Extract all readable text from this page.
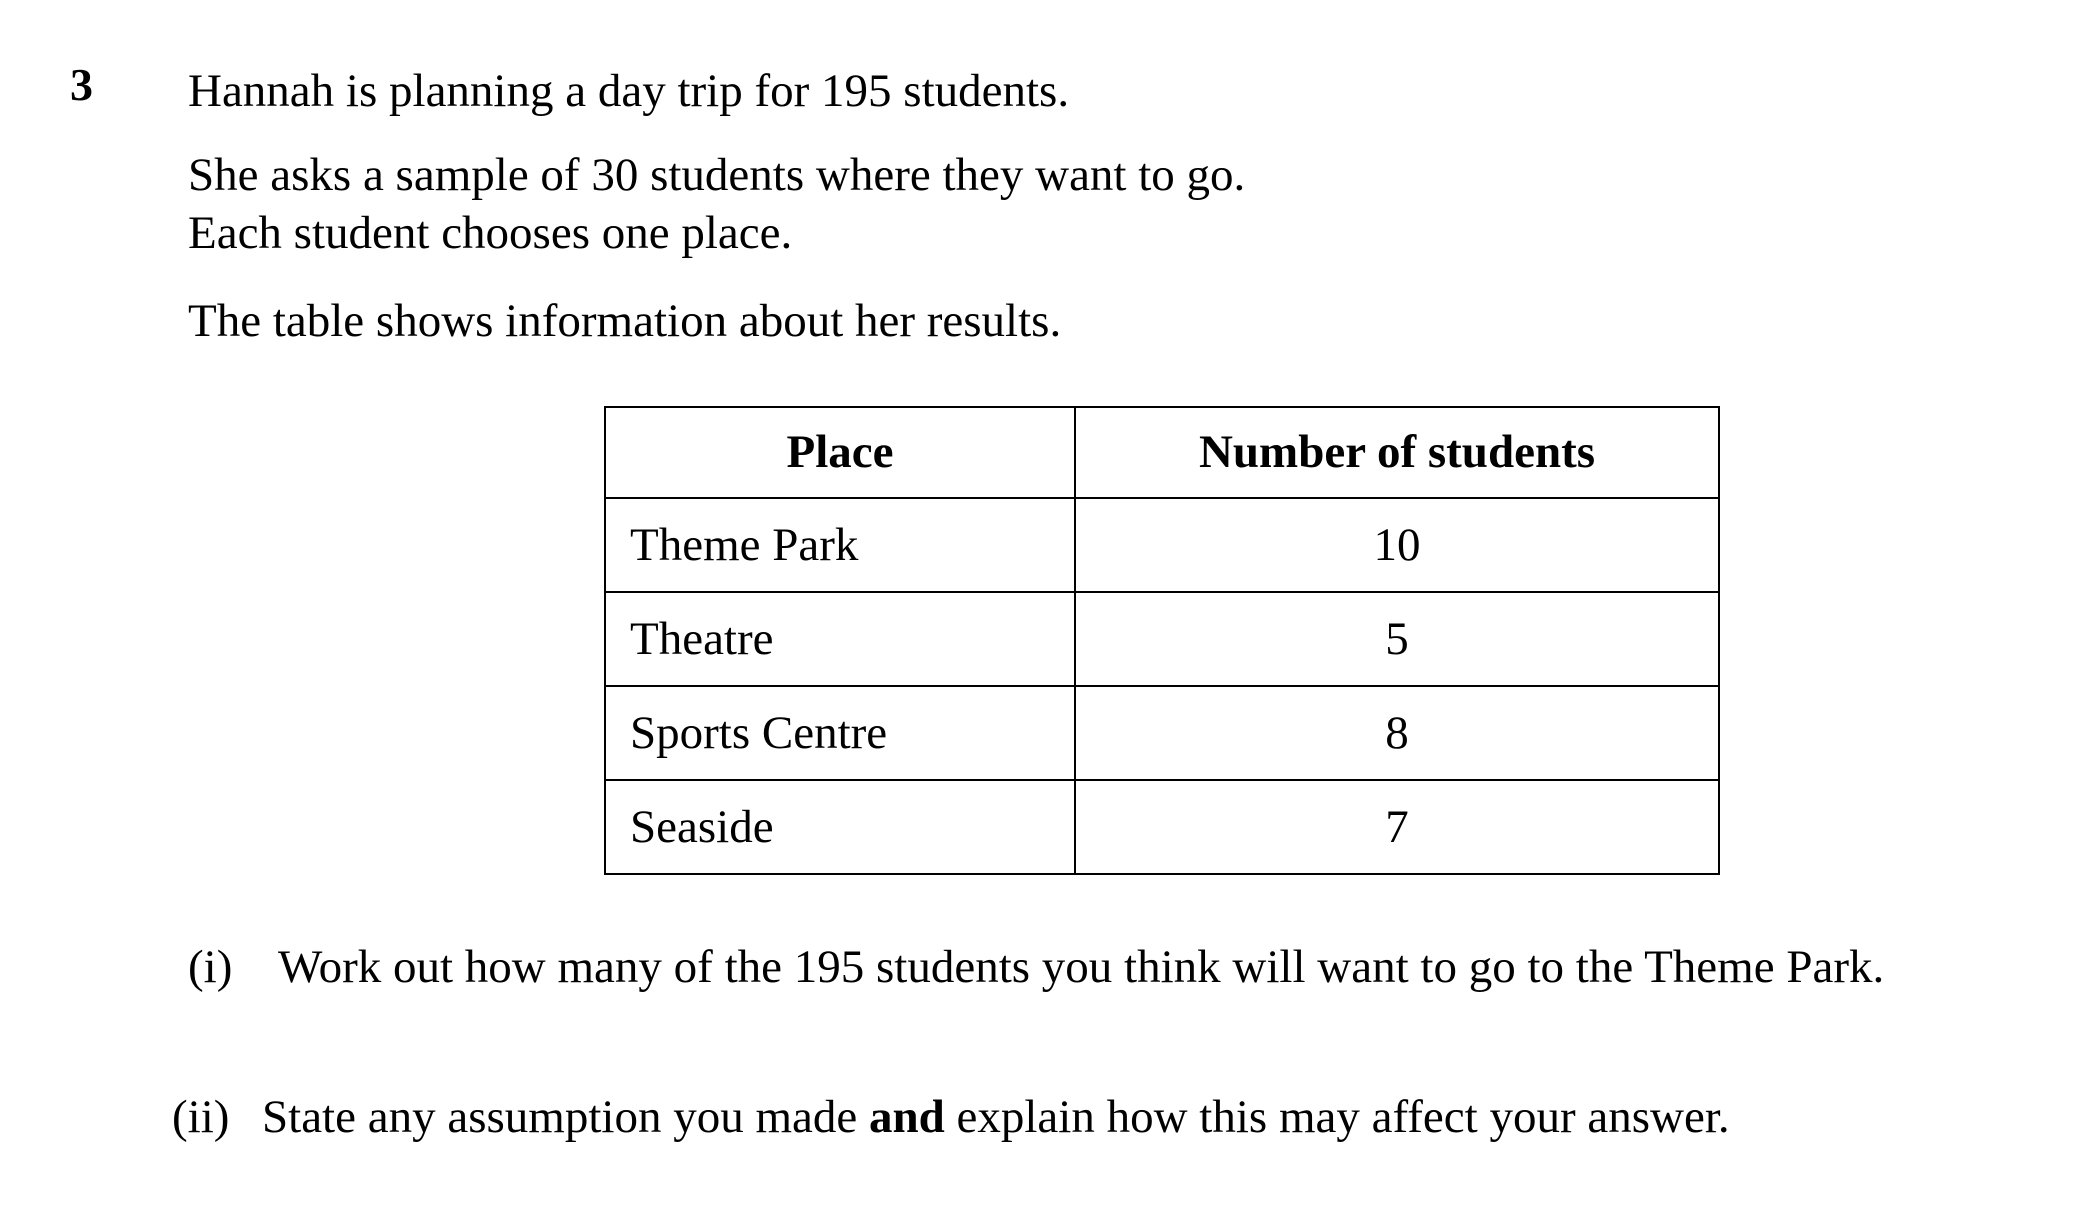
3 Hannah is planning a day trip for 195 students.
She asks a sample of 30 students where they want to go.
Each student chooses one place.
The table shows information about her results.
Place	Number of students
Theme Park	10
Theatre	5
Sports Centre	8
Seaside	7
(i) Work out how many of the 195 students you think will want to go to the Theme Park.
(ii) State any assumption you made and explain how this may affect your answer.
